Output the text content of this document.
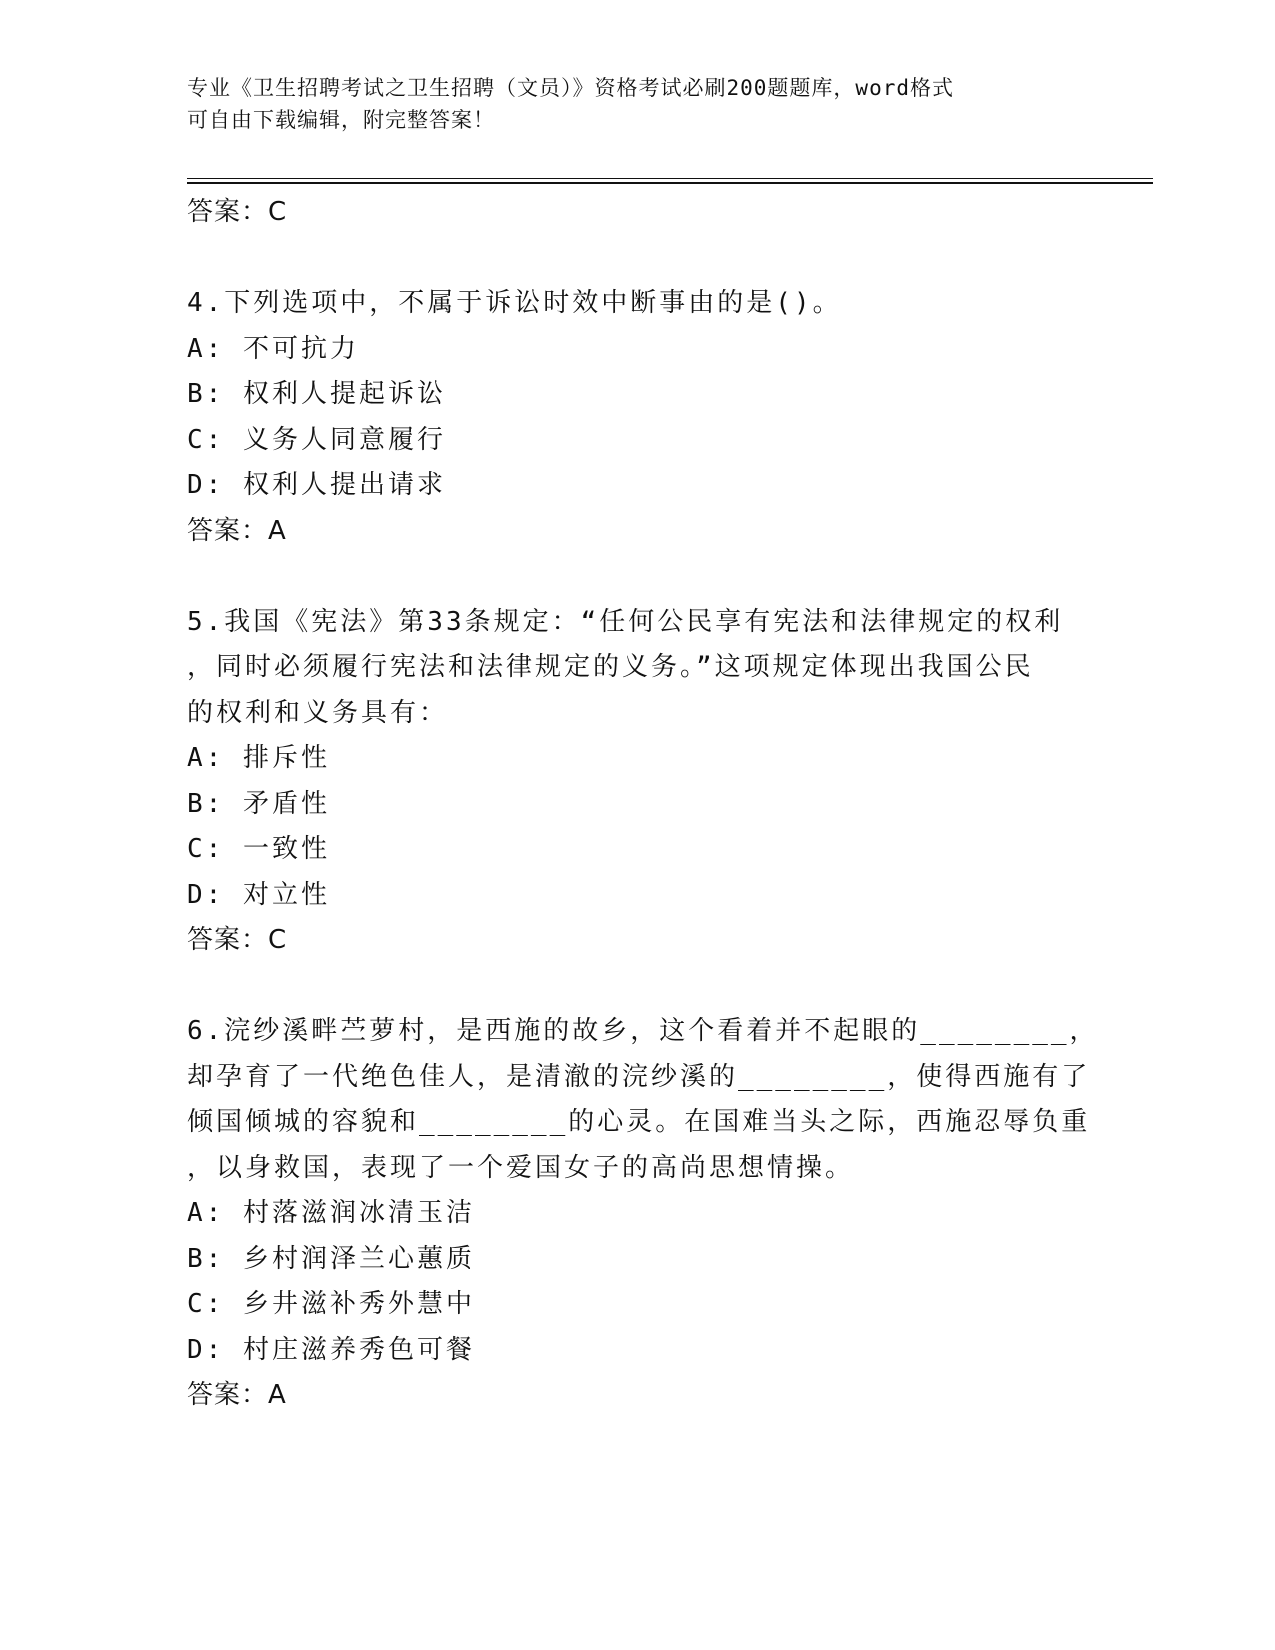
专业《卫生招聘考试之卫生招聘（文员）》资格考试必刷200题题库，word格式
可自由下载编辑，附完整答案！
答案：C
4.下列选项中，不属于诉讼时效中断事由的是()。
A: 不可抗力
B: 权利人提起诉讼
C: 义务人同意履行
D: 权利人提出请求
答案：A
5.我国《宪法》第33条规定：“任何公民享有宪法和法律规定的权利
，同时必须履行宪法和法律规定的义务。”这项规定体现出我国公民
的权利和义务具有：
A: 排斥性
B: 矛盾性
C: 一致性
D: 对立性
答案：C
6.浣纱溪畔苎萝村，是西施的故乡，这个看着并不起眼的________，
却孕育了一代绝色佳人，是清澈的浣纱溪的________，使得西施有了
倾国倾城的容貌和________的心灵。在国难当头之际，西施忍辱负重
，以身救国，表现了一个爱国女子的高尚思想情操。
A: 村落滋润冰清玉洁
B: 乡村润泽兰心蕙质
C: 乡井滋补秀外慧中
D: 村庄滋养秀色可餐
答案：A
